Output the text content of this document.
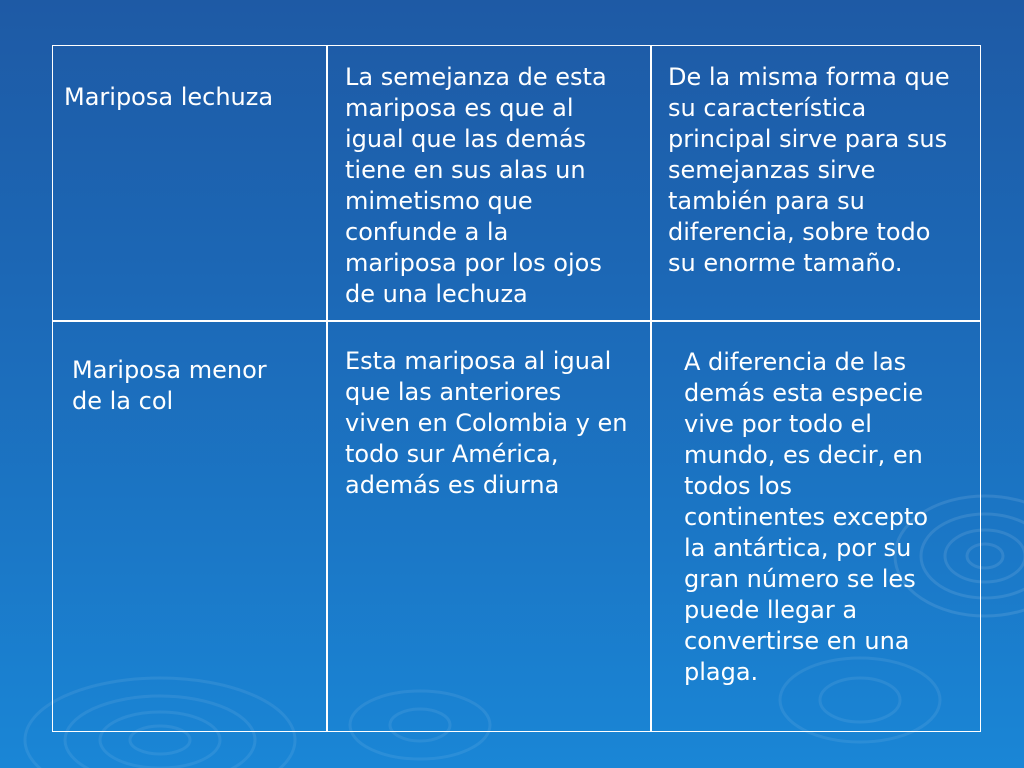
Mariposa lechuza
La semejanza de esta
mariposa es que al
igual que las demás
tiene en sus alas un
mimetismo que
confunde a la
mariposa por los ojos
de una lechuza
De la misma forma que
su característica
principal sirve para sus
semejanzas sirve
también para su
diferencia, sobre todo
su enorme tamaño.
Mariposa menor
de la col
Esta mariposa al igual
que las anteriores
viven en Colombia y en
todo sur América,
además es diurna
A diferencia de las
demás esta especie
vive por todo el
mundo, es decir, en
todos los
continentes excepto
la antártica, por su
gran número se les
puede llegar a
convertirse en una
plaga.
